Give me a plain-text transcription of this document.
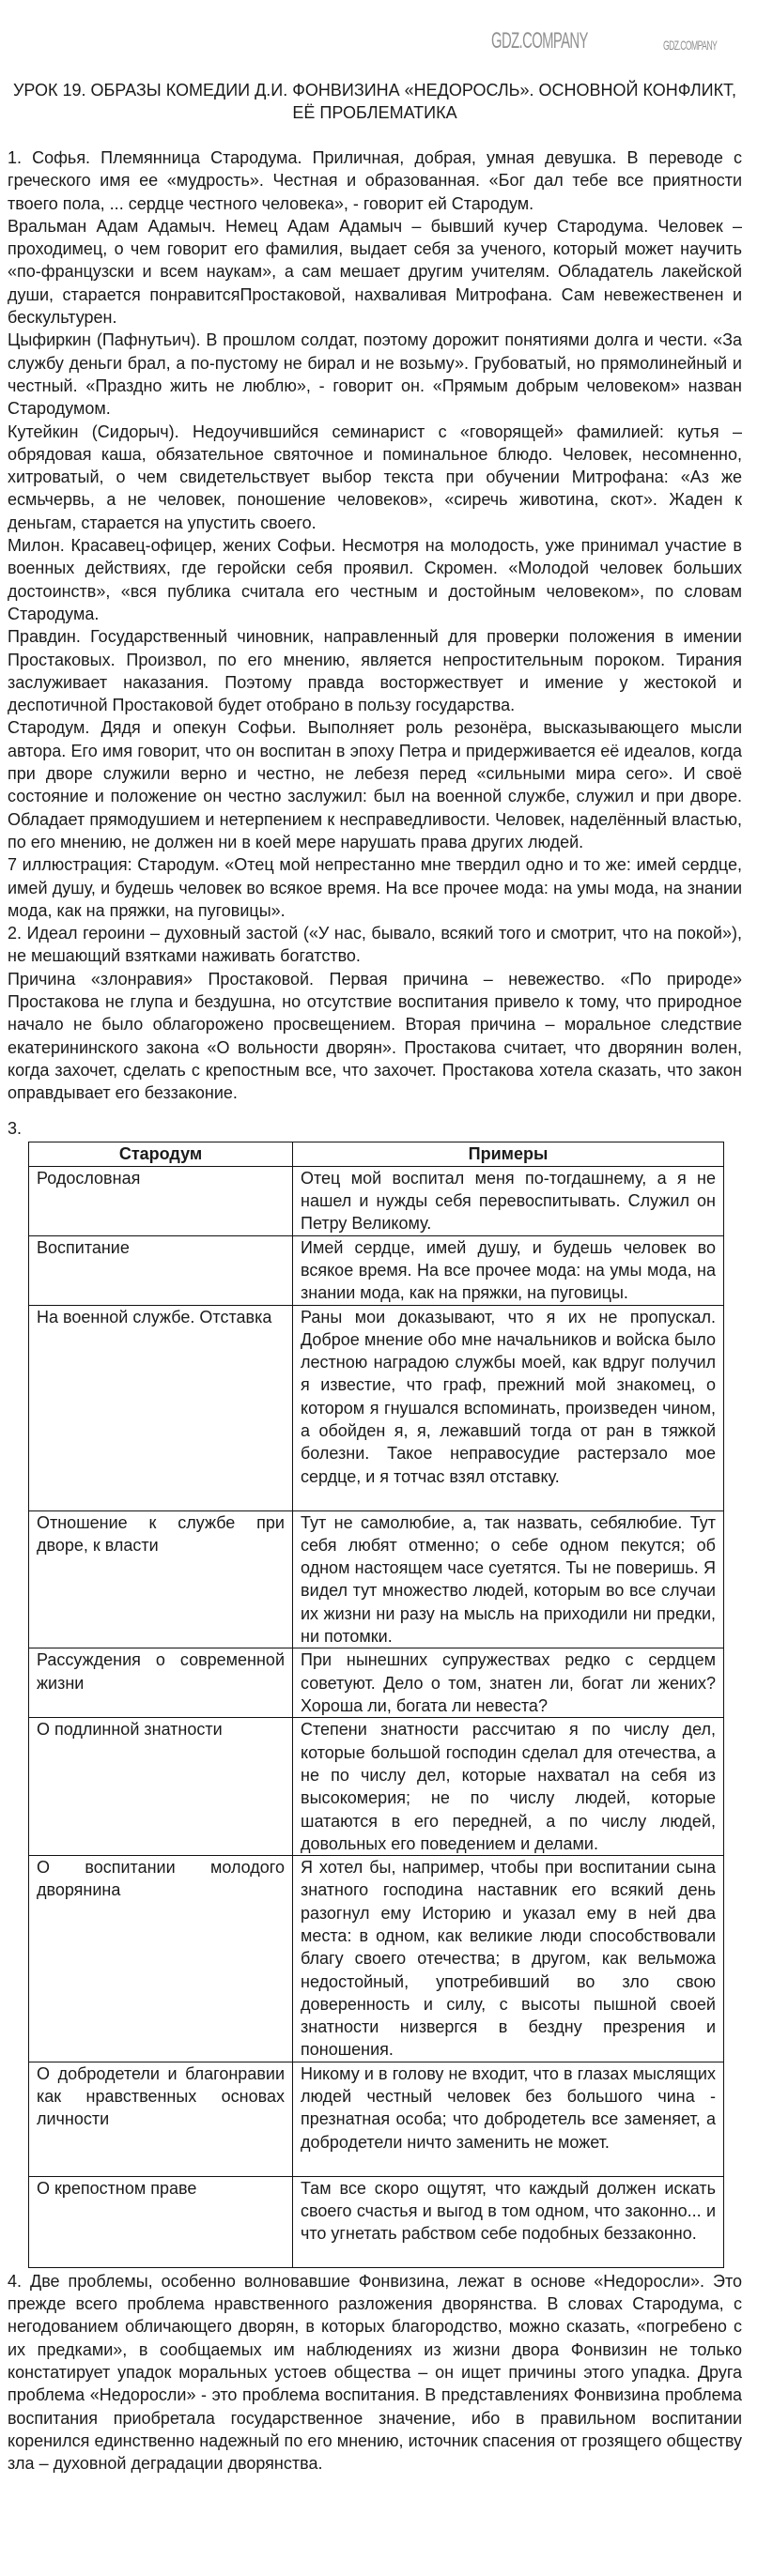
GDZ.COMPANY	GDZ.COMPANY
УРОК 19. ОБРАЗЫ КОМЕДИИ Д.И. ФОНВИЗИНА «НЕДОРОСЛЬ». ОСНОВНОЙ КОНФЛИКТ, ЕЁ ПРОБЛЕМАТИКА

1. Софья. Племянница Стародума. Приличная, добрая, умная девушка. В переводе с греческого имя ее «мудрость». Честная и образованная. «Бог дал тебе все приятности твоего пола, ... сердце честного человека», - говорит ей Стародум.

Вральман Адам Адамыч. Немец Адам Адамыч – бывший кучер Стародума. Человек – проходимец, о чем говорит его фамилия, выдает себя за ученого, который может научить «по-французски и всем наукам», а сам мешает другим учителям. Обладатель лакейской души, старается понравитсяПростаковой, нахваливая Митрофана. Сам невежественен и бескультурен.

Цыфиркин (Пафнутьич). В прошлом солдат, поэтому дорожит понятиями долга и чести. «За службу деньги брал, а по-пустому не бирал и не возьму». Грубоватый, но прямолинейный и честный. «Праздно жить не люблю», - говорит он. «Прямым добрым человеком» назван Стародумом.

Кутейкин (Сидорыч). Недоучившийся семинарист с «говорящей» фамилией: кутья – обрядовая каша, обязательное святочное и поминальное блюдо. Человек, несомненно, хитроватый, о чем свидетельствует выбор текста при обучении Митрофана: «Аз же есмьчервь, а не человек, поношение человеков», «сиречь животина, скот». Жаден к деньгам, старается на упустить своего.

Милон. Красавец-офицер, жених Софьи. Несмотря на молодость, уже принимал участие в военных действиях, где геройски себя проявил. Скромен. «Молодой человек больших достоинств», «вся публика считала его честным и достойным человеком», по словам Стародума.

Правдин. Государственный чиновник, направленный для проверки положения в имении Простаковых. Произвол, по его мнению, является непростительным пороком. Тирания заслуживает наказания. Поэтому правда восторжествует и имение у жестокой и деспотичной Простаковой будет отобрано в пользу государства.

Стародум. Дядя и опекун Софьи. Выполняет роль резонёра, высказывающего мысли автора. Его имя говорит, что он воспитан в эпоху Петра и придерживается её идеалов, когда при дворе служили верно и честно, не лебезя перед «сильными мира сего». И своё состояние и положение он честно заслужил: был на военной службе, служил и при дворе. Обладает прямодушием и нетерпением к несправедливости. Человек, наделённый властью, по его мнению, не должен ни в коей мере нарушать права других людей.

7 иллюстрация: Стародум. «Отец мой непрестанно мне твердил одно и то же: имей сердце, имей душу, и будешь человек во всякое время. На все прочее мода: на умы мода, на знании мода, как на пряжки, на пуговицы».

2. Идеал героини – духовный застой («У нас, бывало, всякий того и смотрит, что на покой»), не мешающий взятками наживать богатство.

Причина «злонравия» Простаковой. Первая причина – невежество. «По природе» Простакова не глупа и бездушна, но отсутствие воспитания привело к тому, что природное начало не было облагорожено просвещением. Вторая причина – моральное следствие екатерининского закона «О вольности дворян». Простакова считает, что дворянин волен, когда захочет, сделать с крепостным все, что захочет. Простакова хотела сказать, что закон оправдывает его беззаконие.

3.
Стародум	Примеры
Родословная	Отец мой воспитал меня по-тогдашнему, а я не нашел и нужды себя перевоспитывать. Служил он Петру Великому.
Воспитание	Имей сердце, имей душу, и будешь человек во всякое время. На все прочее мода: на умы мода, на знании мода, как на пряжки, на пуговицы.
На военной службе. Отставка	Раны мои доказывают, что я их не пропускал. Доброе мнение обо мне начальников и войска было лестною наградою службы моей, как вдруг получил я известие, что граф, прежний мой знакомец, о котором я гнушался вспоминать, произведен чином, а обойден я, я, лежавший тогда от ран в тяжкой болезни. Такое неправосудие растерзало мое сердце, и я тотчас взял отставку.
Отношение к службе при дворе, к власти	Тут не самолюбие, а, так назвать, себялюбие. Тут себя любят отменно; о себе одном пекутся; об одном настоящем часе суетятся. Ты не поверишь. Я видел тут множество людей, которым во все случаи их жизни ни разу на мысль на приходили ни предки, ни потомки.
Рассуждения о современной жизни	При нынешних супружествах редко с сердцем советуют. Дело о том, знатен ли, богат ли жених? Хороша ли, богата ли невеста?
О подлинной знатности	Степени знатности рассчитаю я по числу дел, которые большой господин сделал для отечества, а не по числу дел, которые нахватал на себя из высокомерия; не по числу людей, которые шатаются в его передней, а по числу людей, довольных его поведением и делами.
О воспитании молодого дворянина	Я хотел бы, например, чтобы при воспитании сына знатного господина наставник его всякий день разогнул ему Историю и указал ему в ней два места: в одном, как великие люди способствовали благу своего отечества; в другом, как вельможа недостойный, употребивший во зло свою доверенность и силу, с высоты пышной своей знатности низвергся в бездну презрения и поношения.
О добродетели и благонравии как нравственных основах личности	Никому и в голову не входит, что в глазах мыслящих людей честный человек без большого чина - презнатная особа; что добродетель все заменяет, а добродетели ничто заменить не может.
О крепостном праве	Там все скоро ощутят, что каждый должен искать своего счастья и выгод в том одном, что законно... и что угнетать рабством себе подобных беззаконно.

4. Две проблемы, особенно волновавшие Фонвизина, лежат в основе «Недоросли». Это прежде всего проблема нравственного разложения дворянства. В словах Стародума, с негодованием обличающего дворян, в которых благородство, можно сказать, «погребено с их предками», в сообщаемых им наблюдениях из жизни двора Фонвизин не только констатирует упадок моральных устоев общества – он ищет причины этого упадка. Друга проблема «Недоросли» - это проблема воспитания. В представлениях Фонвизина проблема воспитания приобретала государственное значение, ибо в правильном воспитании коренился единственно надежный по его мнению, источник спасения от грозящего обществу зла – духовной деградации дворянства.
